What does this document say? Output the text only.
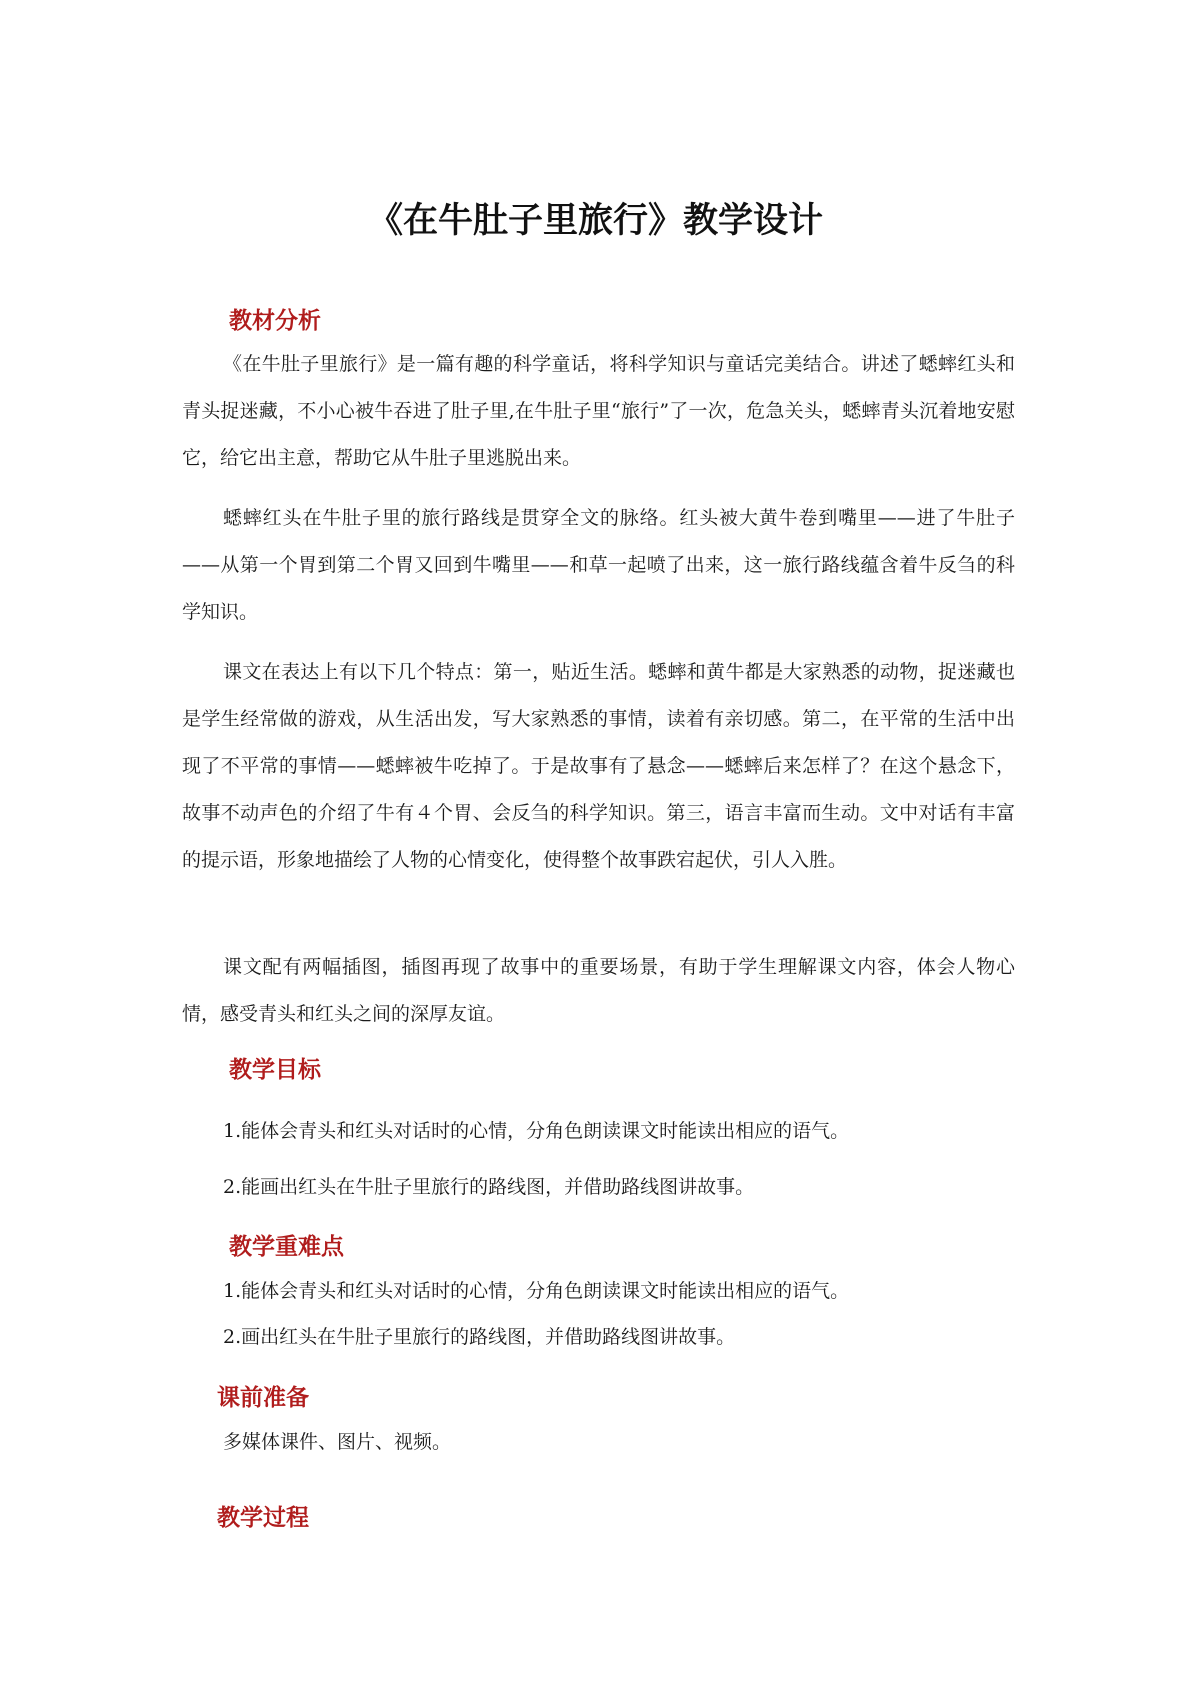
《在牛肚子里旅行》教学设计
教材分析

《在牛肚子里旅行》是一篇有趣的科学童话，将科学知识与童话完美结合。讲述了蟋蟀红头和青头捉迷藏，不小心被牛吞进了肚子里,在牛肚子里“旅行”了一次，危急关头，蟋蟀青头沉着地安慰它，给它出主意，帮助它从牛肚子里逃脱出来。

蟋蟀红头在牛肚子里的旅行路线是贯穿全文的脉络。红头被大黄牛卷到嘴里——进了牛肚子——从第一个胃到第二个胃又回到牛嘴里——和草一起喷了出来，这一旅行路线蕴含着牛反刍的科学知识。

课文在表达上有以下几个特点：第一，贴近生活。蟋蟀和黄牛都是大家熟悉的动物，捉迷藏也是学生经常做的游戏，从生活出发，写大家熟悉的事情，读着有亲切感。第二，在平常的生活中出现了不平常的事情——蟋蟀被牛吃掉了。于是故事有了悬念——蟋蟀后来怎样了？在这个悬念下，故事不动声色的介绍了牛有４个胃、会反刍的科学知识。第三，语言丰富而生动。文中对话有丰富的提示语，形象地描绘了人物的心情变化，使得整个故事跌宕起伏，引人入胜。

课文配有两幅插图，插图再现了故事中的重要场景，有助于学生理解课文内容，体会人物心情，感受青头和红头之间的深厚友谊。

教学目标

1.能体会青头和红头对话时的心情，分角色朗读课文时能读出相应的语气。

2.能画出红头在牛肚子里旅行的路线图，并借助路线图讲故事。

教学重难点

1.能体会青头和红头对话时的心情，分角色朗读课文时能读出相应的语气。

2.画出红头在牛肚子里旅行的路线图，并借助路线图讲故事。

课前准备

多媒体课件、图片、视频。

教学过程
